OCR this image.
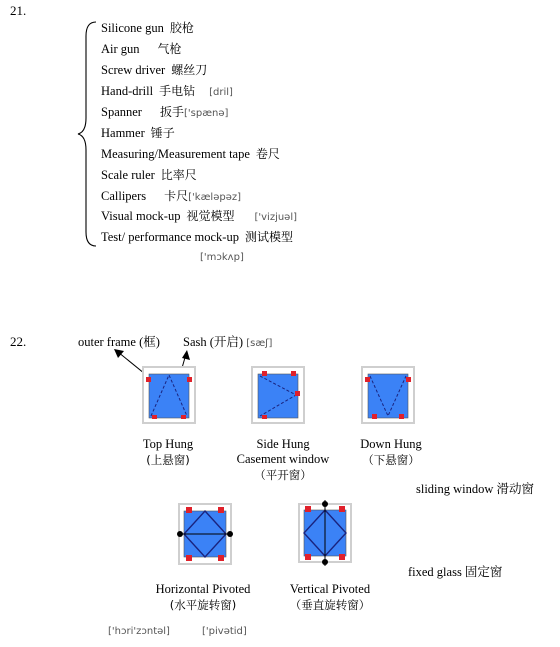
21.
Silicone gun 胶枪
Air gun 气枪
Screw driver 螺丝刀
Hand-drill 手电钻 [dril]
Spanner 扳手['spænə]
Hammer 锤子
Measuring/Measurement tape 卷尺
Scale ruler 比率尺
Callipers 卡尺['kæləpəz]
Visual mock-up 视觉模型 ['vizjuəl]
Test/ performance mock-up 测试模型
['mɔkʌp]
22.	outer frame (框) Sash (开启) [sæʃ]
Top Hung
(上悬窗)
Side Hung
Casement window
（平开窗）
Down Hung
（下悬窗）
sliding window 滑动窗
fixed glass 固定窗
Horizontal Pivoted
(水平旋转窗)
Vertical Pivoted
（垂直旋转窗）
['hɔri'zɔntəl]	['pivətid]
